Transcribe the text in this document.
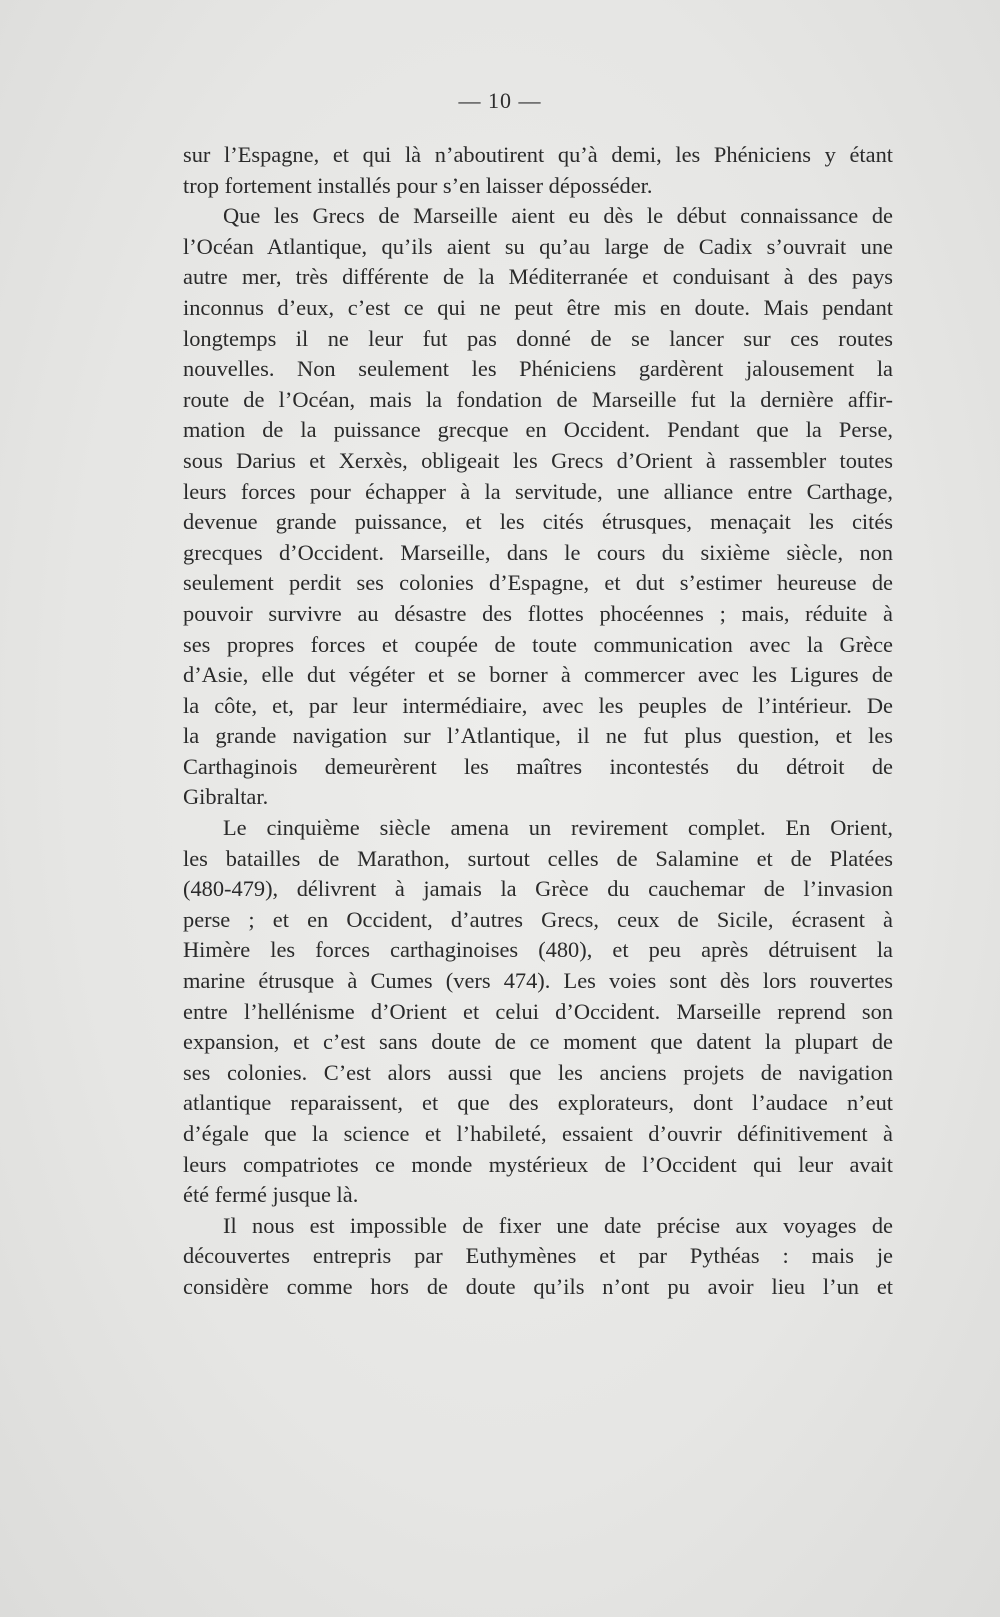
— 10 —
sur l’Espagne, et qui là n’aboutirent qu’à demi, les Phéniciens y étant
trop fortement installés pour s’en laisser déposséder.
Que les Grecs de Marseille aient eu dès le début connaissance de
l’Océan Atlantique, qu’ils aient su qu’au large de Cadix s’ouvrait une
autre mer, très différente de la Méditerranée et conduisant à des pays
inconnus d’eux, c’est ce qui ne peut être mis en doute. Mais pendant
longtemps il ne leur fut pas donné de se lancer sur ces routes
nouvelles. Non seulement les Phéniciens gardèrent jalousement la
route de l’Océan, mais la fondation de Marseille fut la dernière affir-
mation de la puissance grecque en Occident. Pendant que la Perse,
sous Darius et Xerxès, obligeait les Grecs d’Orient à rassembler toutes
leurs forces pour échapper à la servitude, une alliance entre Carthage,
devenue grande puissance, et les cités étrusques, menaçait les cités
grecques d’Occident. Marseille, dans le cours du sixième siècle, non
seulement perdit ses colonies d’Espagne, et dut s’estimer heureuse de
pouvoir survivre au désastre des flottes phocéennes ; mais, réduite à
ses propres forces et coupée de toute communication avec la Grèce
d’Asie, elle dut végéter et se borner à commercer avec les Ligures de
la côte, et, par leur intermédiaire, avec les peuples de l’intérieur. De
la grande navigation sur l’Atlantique, il ne fut plus question, et les
Carthaginois demeurèrent les maîtres incontestés du détroit de
Gibraltar.
Le cinquième siècle amena un revirement complet. En Orient,
les batailles de Marathon, surtout celles de Salamine et de Platées
(480-479), délivrent à jamais la Grèce du cauchemar de l’invasion
perse ; et en Occident, d’autres Grecs, ceux de Sicile, écrasent à
Himère les forces carthaginoises (480), et peu après détruisent la
marine étrusque à Cumes (vers 474). Les voies sont dès lors rouvertes
entre l’hellénisme d’Orient et celui d’Occident. Marseille reprend son
expansion, et c’est sans doute de ce moment que datent la plupart de
ses colonies. C’est alors aussi que les anciens projets de navigation
atlantique reparaissent, et que des explorateurs, dont l’audace n’eut
d’égale que la science et l’habileté, essaient d’ouvrir définitivement à
leurs compatriotes ce monde mystérieux de l’Occident qui leur avait
été fermé jusque là.
Il nous est impossible de fixer une date précise aux voyages de
découvertes entrepris par Euthymènes et par Pythéas : mais je
considère comme hors de doute qu’ils n’ont pu avoir lieu l’un et
